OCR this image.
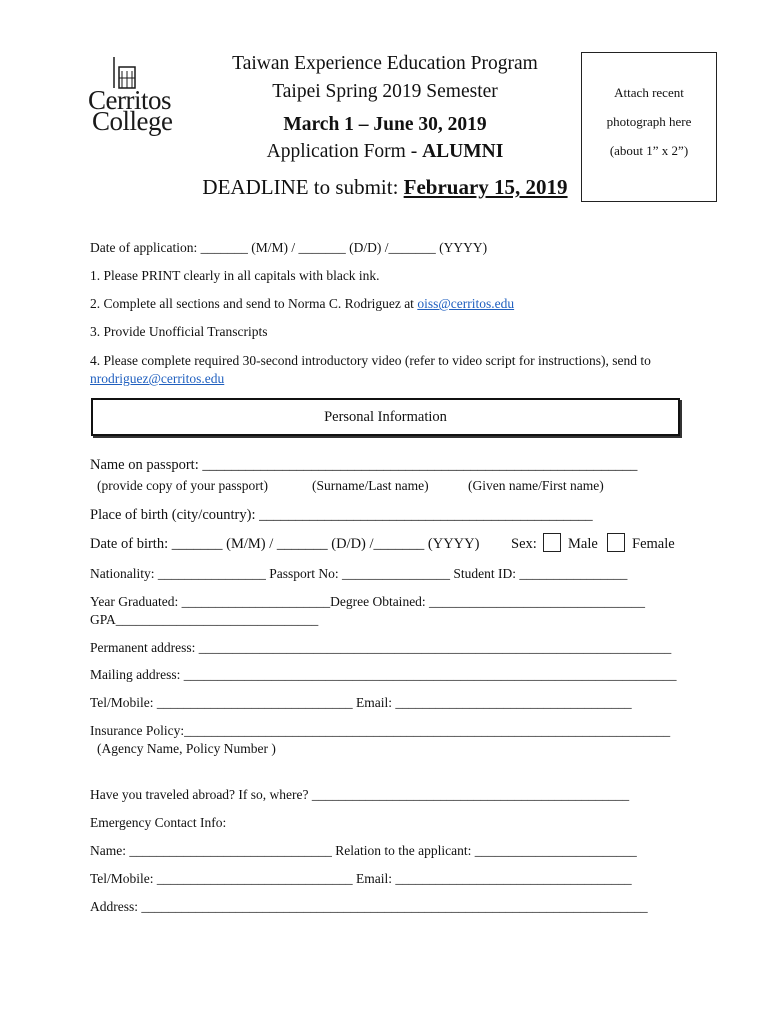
Cerritos
College
Taiwan Experience Education Program
Taipei Spring 2019 Semester
March 1 – June 30, 2019
Application Form - ALUMNI
DEADLINE to submit: February 15, 2019
Attach recent
photograph here
(about 1” x 2”)
Date of application: _______ (M/M) / _______ (D/D) /_______ (YYYY)
1. Please PRINT clearly in all capitals with black ink.
2. Complete all sections and send to Norma C. Rodriguez at oiss@cerritos.edu
3. Provide Unofficial Transcripts
4. Please complete required 30-second introductory video (refer to video script for instructions), send to
nrodriguez@cerritos.edu
Personal Information
Name on passport: ____________________________________________________________
(provide copy of your passport)	(Surname/Last name)	(Given name/First name)
Place of birth (city/country): ______________________________________________
Date of birth: _______ (M/M) / _______ (D/D) /_______ (YYYY) Sex: Male Female
Nationality: ________________ Passport No: ________________ Student ID: ________________
Year Graduated: ______________________Degree Obtained: ________________________________
GPA______________________________
Permanent address: ______________________________________________________________________
Mailing address: _________________________________________________________________________
Tel/Mobile: _____________________________ Email: ___________________________________
Insurance Policy:________________________________________________________________________
(Agency Name, Policy Number )
Have you traveled abroad? If so, where? _______________________________________________
Emergency Contact Info:
Name: ______________________________ Relation to the applicant: ________________________
Tel/Mobile: _____________________________ Email: ___________________________________
Address: ___________________________________________________________________________
